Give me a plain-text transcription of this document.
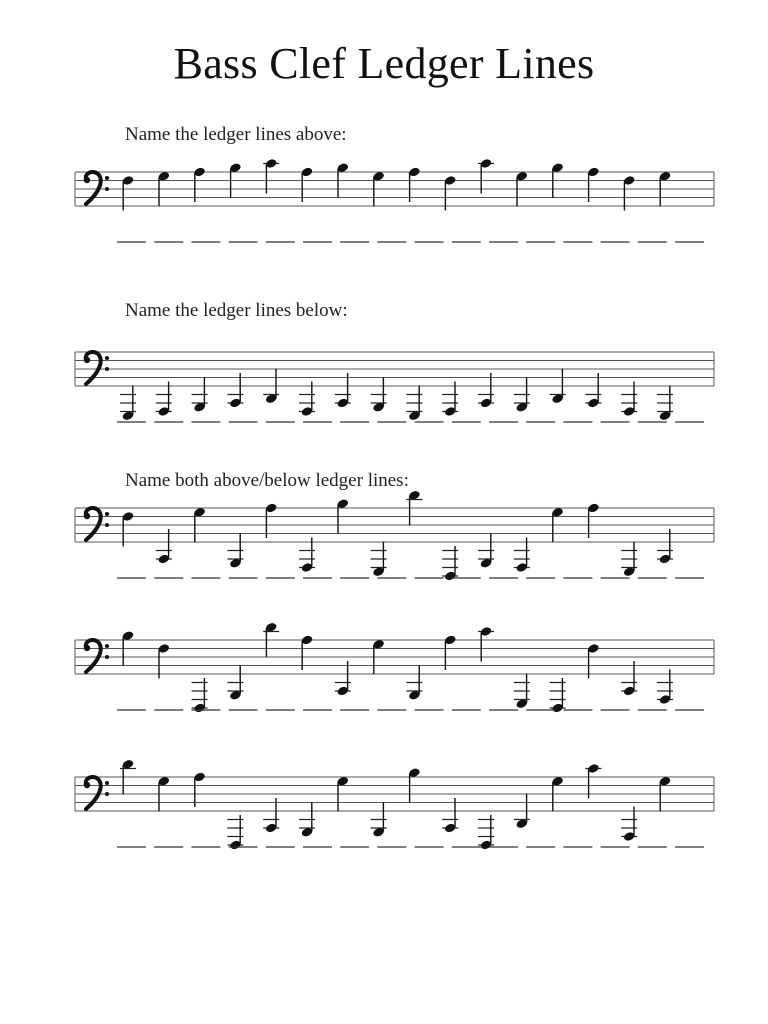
Bass Clef Ledger Lines

Name the ledger lines above:

Name the ledger lines below:

Name both above/below ledger lines:
